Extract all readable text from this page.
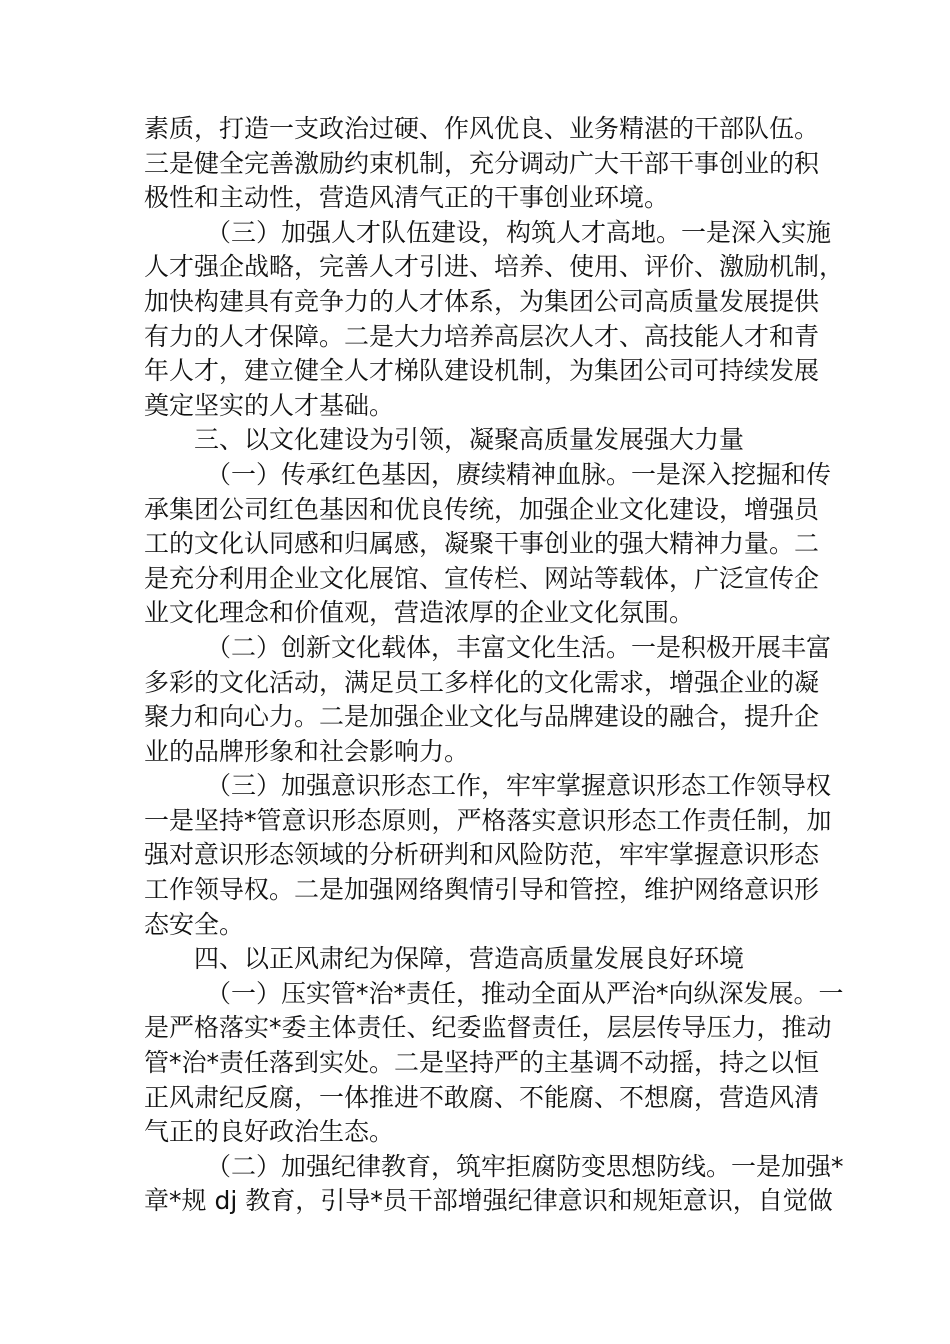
素质，打造一支政治过硬、作风优良、业务精湛的干部队伍。
三是健全完善激励约束机制，充分调动广大干部干事创业的积
极性和主动性，营造风清气正的干事创业环境。
（三）加强人才队伍建设，构筑人才高地。一是深入实施
人才强企战略，完善人才引进、培养、使用、评价、激励机制，
加快构建具有竞争力的人才体系，为集团公司高质量发展提供
有力的人才保障。二是大力培养高层次人才、高技能人才和青
年人才，建立健全人才梯队建设机制，为集团公司可持续发展
奠定坚实的人才基础。
三、以文化建设为引领，凝聚高质量发展强大力量
（一）传承红色基因，赓续精神血脉。一是深入挖掘和传
承集团公司红色基因和优良传统，加强企业文化建设，增强员
工的文化认同感和归属感，凝聚干事创业的强大精神力量。二
是充分利用企业文化展馆、宣传栏、网站等载体，广泛宣传企
业文化理念和价值观，营造浓厚的企业文化氛围。
（二）创新文化载体，丰富文化生活。一是积极开展丰富
多彩的文化活动，满足员工多样化的文化需求，增强企业的凝
聚力和向心力。二是加强企业文化与品牌建设的融合，提升企
业的品牌形象和社会影响力。
（三）加强意识形态工作，牢牢掌握意识形态工作领导权
一是坚持*管意识形态原则，严格落实意识形态工作责任制，加
强对意识形态领域的分析研判和风险防范，牢牢掌握意识形态
工作领导权。二是加强网络舆情引导和管控，维护网络意识形
态安全。
四、以正风肃纪为保障，营造高质量发展良好环境
（一）压实管*治*责任，推动全面从严治*向纵深发展。一
是严格落实*委主体责任、纪委监督责任，层层传导压力，推动
管*治*责任落到实处。二是坚持严的主基调不动摇，持之以恒
正风肃纪反腐，一体推进不敢腐、不能腐、不想腐，营造风清
气正的良好政治生态。
（二）加强纪律教育，筑牢拒腐防变思想防线。一是加强*
章*规 dj 教育，引导*员干部增强纪律意识和规矩意识，自觉做
